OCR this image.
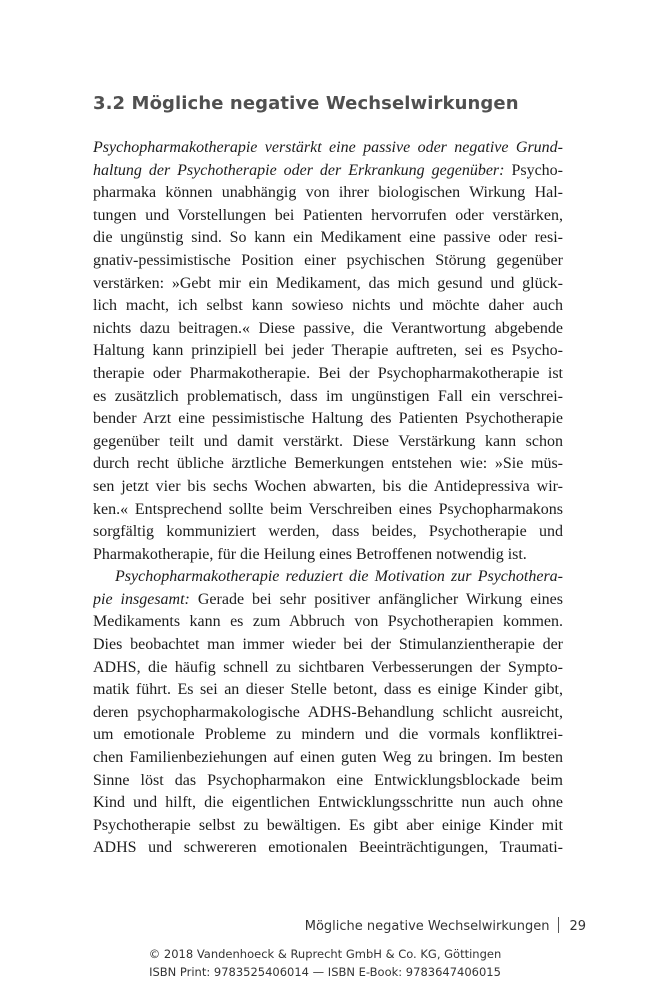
3.2 Mögliche negative Wechselwirkungen
Psychopharmakotherapie verstärkt eine passive oder negative Grund-
haltung der Psychotherapie oder der Erkrankung gegenüber: Psycho-
pharmaka können unabhängig von ihrer biologischen Wirkung Hal-
tungen und Vorstellungen bei Patienten hervorrufen oder verstärken,
die ungünstig sind. So kann ein Medikament eine passive oder resi-
gnativ-pessimistische Position einer psychischen Störung gegenüber
verstärken: »Gebt mir ein Medikament, das mich gesund und glück-
lich macht, ich selbst kann sowieso nichts und möchte daher auch
nichts dazu beitragen.« Diese passive, die Verantwortung abgebende
Haltung kann prinzipiell bei jeder Therapie auftreten, sei es Psycho-
therapie oder Pharmakotherapie. Bei der Psychopharmakotherapie ist
es zusätzlich problematisch, dass im ungünstigen Fall ein verschrei-
bender Arzt eine pessimistische Haltung des Patienten Psychotherapie
gegenüber teilt und damit verstärkt. Diese Verstärkung kann schon
durch recht übliche ärztliche Bemerkungen entstehen wie: »Sie müs-
sen jetzt vier bis sechs Wochen abwarten, bis die Antidepressiva wir-
ken.« Entsprechend sollte beim Verschreiben eines Psychopharmakons
sorgfältig kommuniziert werden, dass beides, Psychotherapie und
Pharmakotherapie, für die Heilung eines Betroffenen notwendig ist.
Psychopharmakotherapie reduziert die Motivation zur Psychothera-
pie insgesamt: Gerade bei sehr positiver anfänglicher Wirkung eines
Medikaments kann es zum Abbruch von Psychotherapien kommen.
Dies beobachtet man immer wieder bei der Stimulanzientherapie der
ADHS, die häufig schnell zu sichtbaren Verbesserungen der Sympto-
matik führt. Es sei an dieser Stelle betont, dass es einige Kinder gibt,
deren psychopharmakologische ADHS-Behandlung schlicht ausreicht,
um emotionale Probleme zu mindern und die vormals konfliktrei-
chen Familienbeziehungen auf einen guten Weg zu bringen. Im besten
Sinne löst das Psychopharmakon eine Entwicklungsblockade beim
Kind und hilft, die eigentlichen Entwicklungsschritte nun auch ohne
Psychotherapie selbst zu bewältigen. Es gibt aber einige Kinder mit
ADHS und schwereren emotionalen Beeinträchtigungen, Traumati-
Mögliche negative Wechselwirkungen 29
© 2018 Vandenhoeck & Ruprecht GmbH & Co. KG, Göttingen
ISBN Print: 9783525406014 — ISBN E-Book: 9783647406015
